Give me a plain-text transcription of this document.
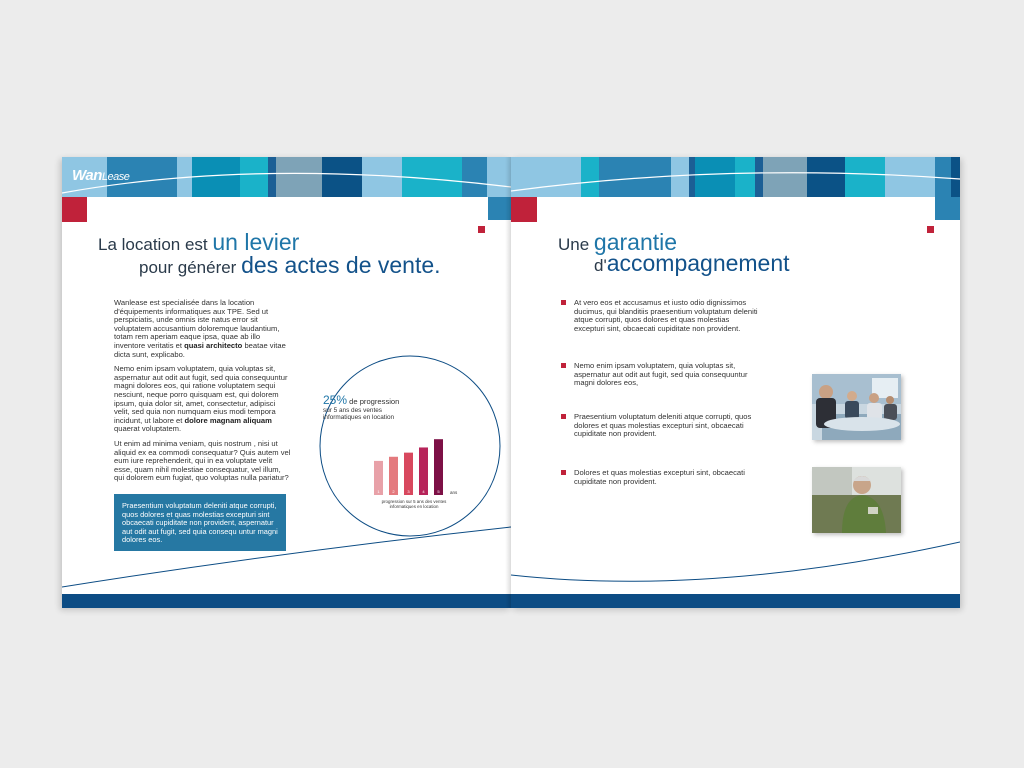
WanLease
La location est un levier
pour générer des actes de vente.

Wanlease est specialisée dans la location d'équipements informatiques aux TPE. Sed ut perspiciatis, unde omnis iste natus error sit voluptatem accusantium doloremque laudantium, totam rem aperiam eaque ipsa, quae ab illo inventore veritatis et quasi architecto beatae vitae dicta sunt, explicabo.

Nemo enim ipsam voluptatem, quia voluptas sit, aspernatur aut odit aut fugit, sed quia consequuntur magni dolores eos, qui ratione voluptatem sequi nesciunt, neque porro quisquam est, qui dolorem ipsum, quia dolor sit, amet, consectetur, adipisci velit, sed quia non numquam eius modi tempora incidunt, ut labore et dolore magnam aliquam quaerat voluptatem.

Ut enim ad minima veniam, quis nostrum , nisi ut aliquid ex ea commodi consequatur? Quis autem vel eum iure reprehenderit, qui in ea voluptate velit esse, quam nihil molestiae consequatur, vel illum, qui dolorem eum fugiat, quo voluptas nulla pariatur?

Praesentium voluptatum deleniti atque corrupti, quos dolores et quas molestias excepturi sint obcaecati cupiditate non provident, aspernatur aut odit aut fugit, sed quia consequ untur magni dolores eos.
25% de progression
sur 5 ans des ventes
informatiques en location
1	2	3	4	5 ans
progression sur 5 ans des ventes
informatiques en location
Une garantie
d'accompagnement
At vero eos et accusamus et iusto odio dignissimos ducimus, qui blanditiis praesentium voluptatum deleniti atque corrupti, quos dolores et quas molestias excepturi sint, obcaecati cupiditate non provident.
Nemo enim ipsam voluptatem, quia voluptas sit, aspernatur aut odit aut fugit, sed quia consequuntur magni dolores eos,
Praesentium voluptatum deleniti atque corrupti, quos dolores et quas molestias excepturi sint, obcaecati cupiditate non provident.
Dolores et quas molestias excepturi sint, obcaecati cupiditate non provident.
